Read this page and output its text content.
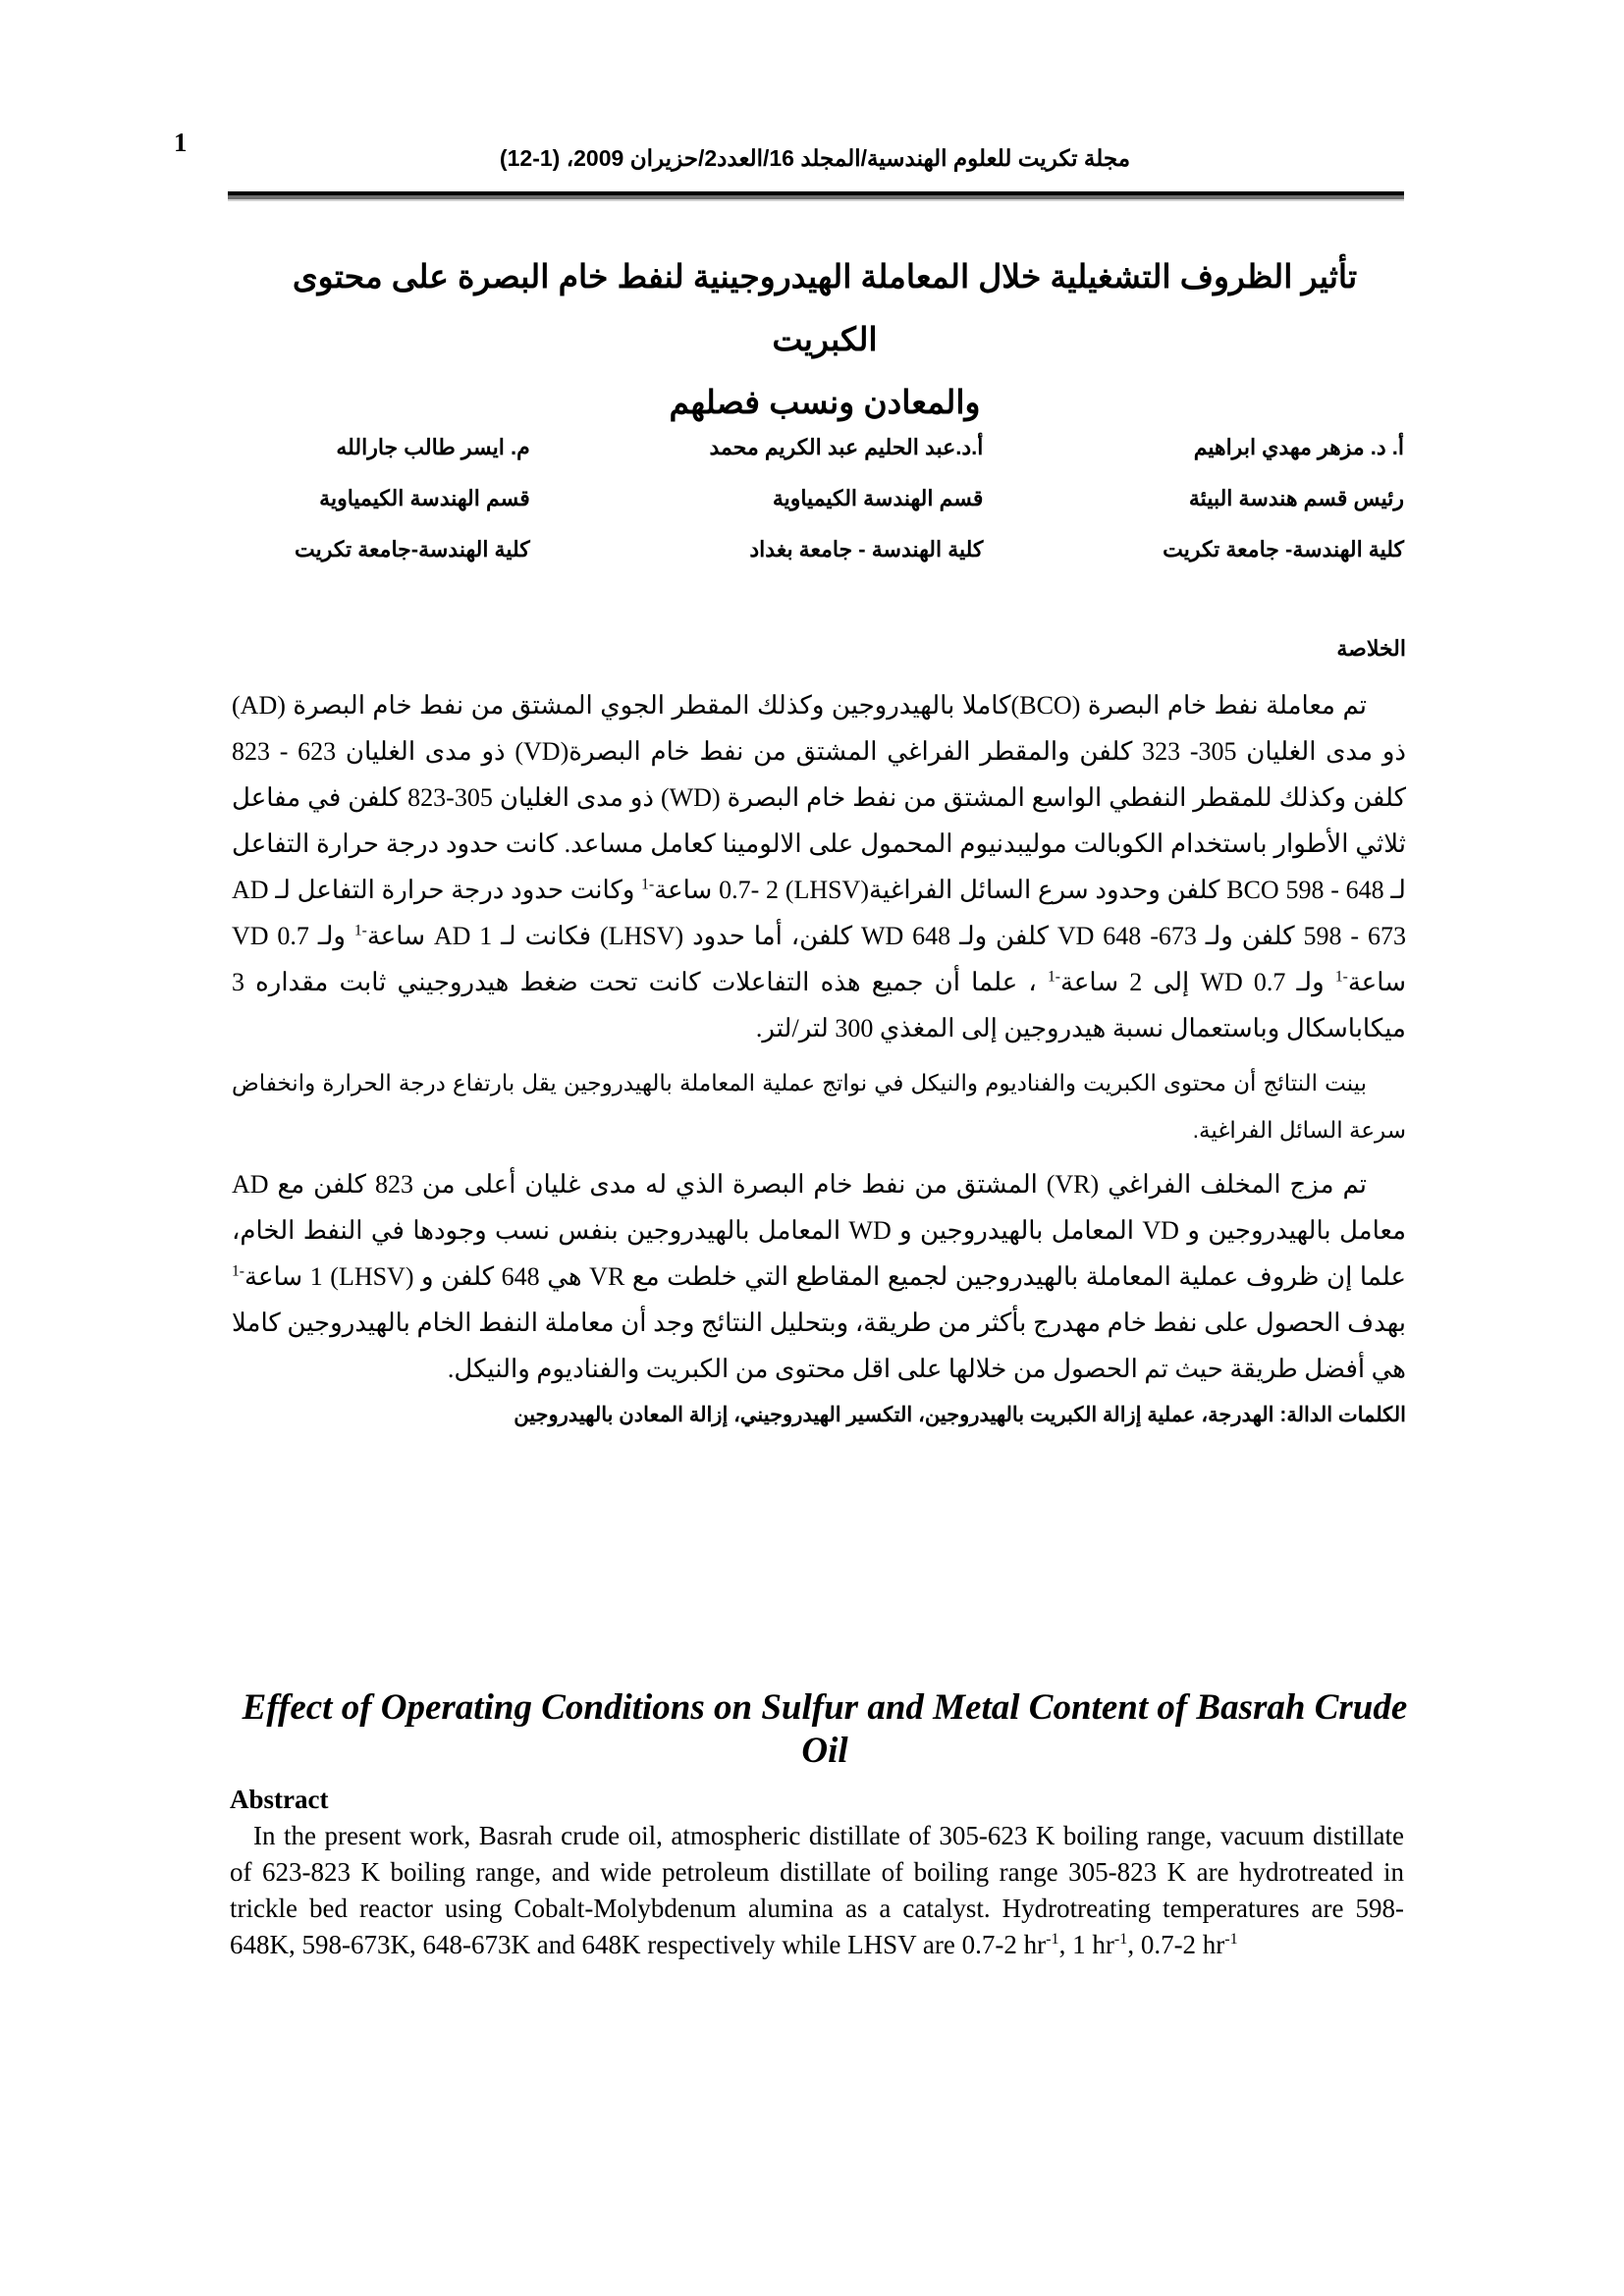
1
مجلة تكريت للعلوم الهندسية/المجلد 16/العدد2/حزيران 2009، (1-12)
تأثير الظروف التشغيلية خلال المعاملة الهيدروجينية لنفط خام البصرة على محتوى الكبريت
والمعادن ونسب فصلهم
أ. د. مزهر مهدي ابراهيم
رئيس قسم هندسة البيئة
كلية الهندسة- جامعة تكريت
أ.د.عبد الحليم عبد الكريم محمد
قسم الهندسة الكيمياوية
كلية الهندسة - جامعة بغداد
م. ايسر طالب جارالله
قسم الهندسة الكيمياوية
كلية الهندسة-جامعة تكريت
الخلاصة

تم معاملة نفط خام البصرة (BCO)كاملا بالهيدروجين وكذلك المقطر الجوي المشتق من نفط خام البصرة (AD) ذو مدى الغليان 305- 323 كلفن والمقطر الفراغي المشتق من نفط خام البصرة(VD) ذو مدى الغليان 623 - 823 كلفن وكذلك للمقطر النفطي الواسع المشتق من نفط خام البصرة (WD) ذو مدى الغليان 305-823 كلفن في مفاعل ثلاثي الأطوار باستخدام الكوبالت موليبدنيوم المحمول على الالومينا كعامل مساعد. كانت حدود درجة حرارة التفاعل لـ BCO 598 - 648 كلفن وحدود سرع السائل الفراغية(LHSV) 0.7- 2 ساعة$^{-1}$ وكانت حدود درجة حرارة التفاعل لـ AD 598 - 673 كلفن ولـ VD 648 -673 كلفن ولـ WD 648 كلفن، أما حدود (LHSV) فكانت لـ AD 1 ساعة$^{-1}$ ولـ VD 0.7 ساعة$^{-1}$ ولـ WD 0.7 إلى 2 ساعة$^{-1}$ ، علما أن جميع هذه التفاعلات كانت تحت ضغط هيدروجيني ثابت مقداره 3 ميكاباسكال وباستعمال نسبة هيدروجين إلى المغذي 300 لتر/لتر.

بينت النتائج أن محتوى الكبريت والفناديوم والنيكل في نواتج عملية المعاملة بالهيدروجين يقل بارتفاع درجة الحرارة وانخفاض سرعة السائل الفراغية.

تم مزج المخلف الفراغي (VR) المشتق من نفط خام البصرة الذي له مدى غليان أعلى من 823 كلفن مع AD معامل بالهيدروجين و VD المعامل بالهيدروجين و WD المعامل بالهيدروجين بنفس نسب وجودها في النفط الخام، علما إن ظروف عملية المعاملة بالهيدروجين لجميع المقاطع التي خلطت مع VR هي 648 كلفن و (LHSV) 1 ساعة$^{-1}$ بهدف الحصول على نفط خام مهدرج بأكثر من طريقة، وبتحليل النتائج وجد أن معاملة النفط الخام بالهيدروجين كاملا هي أفضل طريقة حيث تم الحصول من خلالها على اقل محتوى من الكبريت والفناديوم والنيكل.

الكلمات الدالة: الهدرجة، عملية إزالة الكبريت بالهيدروجين، التكسير الهيدروجيني، إزالة المعادن بالهيدروجين

Effect of Operating Conditions on Sulfur and Metal Content of Basrah Crude Oil
Abstract

In the present work, Basrah crude oil, atmospheric distillate of 305-623 K boiling range, vacuum distillate of 623-823 K boiling range, and wide petroleum distillate of boiling range 305-823 K are hydrotreated in trickle bed reactor using Cobalt-Molybdenum alumina as a catalyst. Hydrotreating temperatures are 598-648K, 598-673K, 648-673K and 648K respectively while LHSV are 0.7-2 $hr^{-1}$, 1 $hr^{-1}$, 0.7-2 $hr^{-1}$
